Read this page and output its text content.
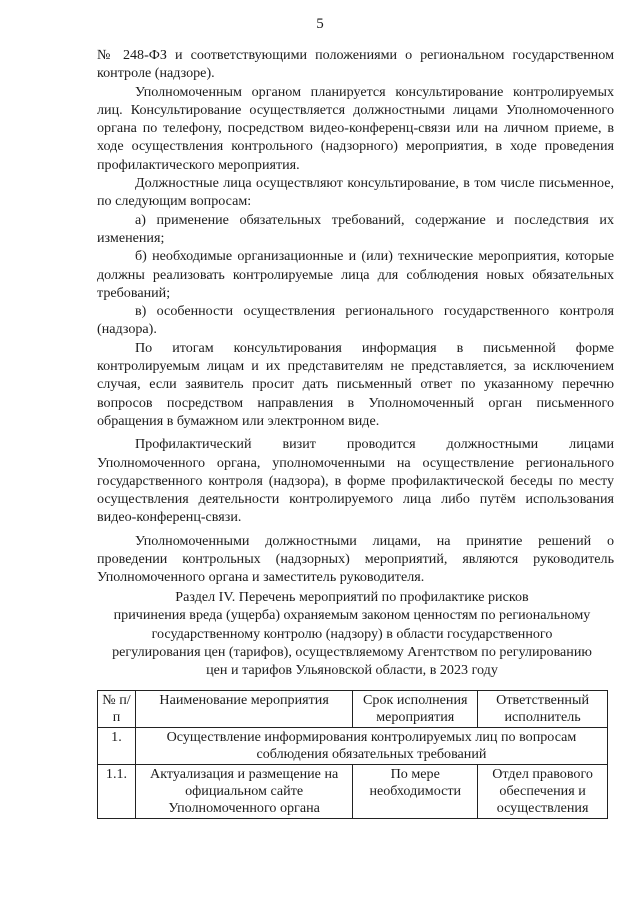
5

№ 248-ФЗ и соответствующими положениями о региональном государственном контроле (надзоре).

Уполномоченным органом планируется консультирование контролируемых лиц. Консультирование осуществляется должностными лицами Уполномоченного органа по телефону, посредством видео-конференц-связи или на личном приеме, в ходе осуществления контрольного (надзорного) мероприятия, в ходе проведения профилактического мероприятия.

Должностные лица осуществляют консультирование, в том числе письменное, по следующим вопросам:

а) применение обязательных требований, содержание и последствия их изменения;

б) необходимые организационные и (или) технические мероприятия, которые должны реализовать контролируемые лица для соблюдения новых обязательных требований;

в) особенности осуществления регионального государственного контроля (надзора).

По итогам консультирования информация в письменной форме контролируемым лицам и их представителям не представляется, за исключением случая, если заявитель просит дать письменный ответ по указанному перечню вопросов посредством направления в Уполномоченный орган письменного обращения в бумажном или электронном виде.

Профилактический визит проводится должностными лицами Уполномоченного органа, уполномоченными на осуществление регионального государственного контроля (надзора), в форме профилактической беседы по месту осуществления деятельности контролируемого лица либо путём использования видео-конференц-связи.

Уполномоченными должностными лицами, на принятие решений о проведении контрольных (надзорных) мероприятий, являются руководитель Уполномоченного органа и заместитель руководителя.

Раздел IV. Перечень мероприятий по профилактике рисков

причинения вреда (ущерба) охраняемым законом ценностям по региональному

государственному контролю (надзору) в области государственного

регулирования цен (тарифов), осуществляемому Агентством по регулированию

цен и тарифов Ульяновской области, в 2023 году

№ п/п	Наименование мероприятия	Срок исполнения мероприятия	Ответственный исполнитель
1.	Осуществление информирования контролируемых лиц по вопросам соблюдения обязательных требований		
1.1.	Актуализация и размещение на официальном сайте Уполномоченного органа	По мере необходимости	Отдел правового обеспечения и осуществления
